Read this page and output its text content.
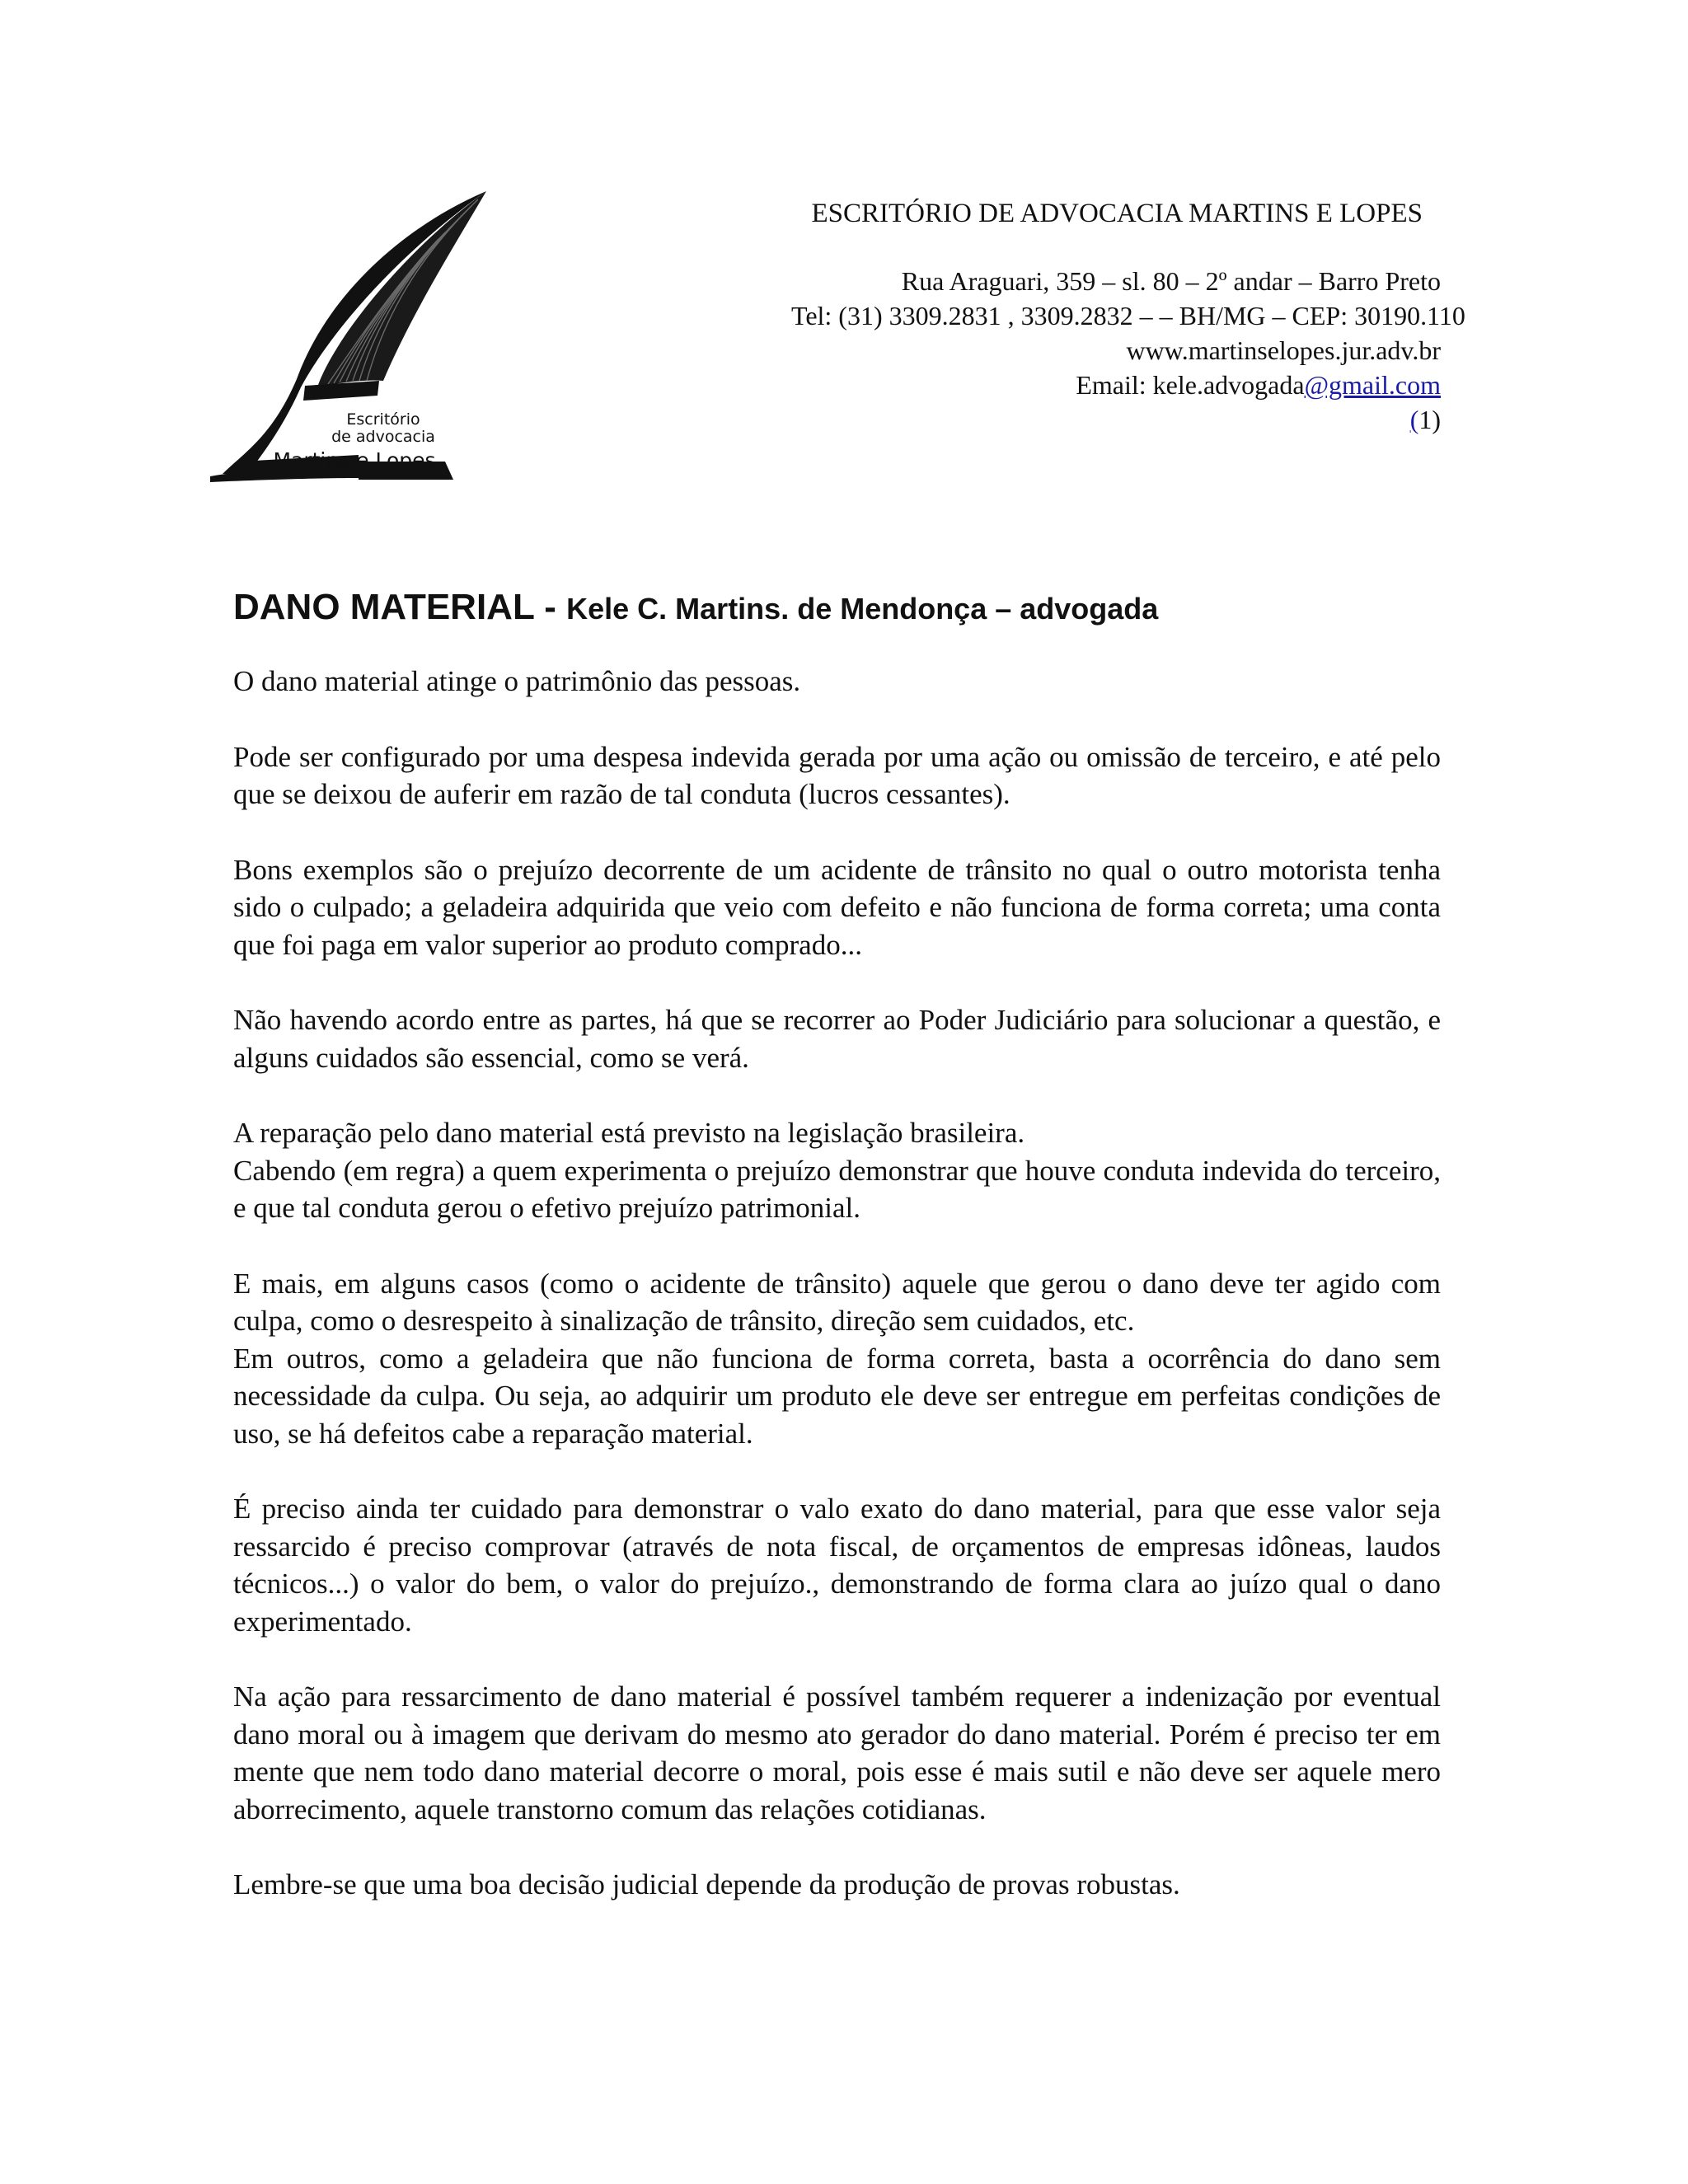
Escritório
de advocacia
Martins e Lopes
ESCRITÓRIO DE ADVOCACIA MARTINS E LOPES
Rua Araguari, 359 – sl. 80 – 2º andar – Barro Preto
Tel: (31) 3309.2831 , 3309.2832 – – BH/MG – CEP: 30190.110
www.martinselopes.jur.adv.br
Email: kele.advogada@gmail.com
(1)
DANO MATERIAL - Kele C. Martins. de Mendonça – advogada

O dano material atinge o patrimônio das pessoas.

Pode ser configurado por uma despesa indevida gerada por uma ação ou omissão de terceiro, e até pelo que se deixou de auferir em razão de tal conduta (lucros cessantes).

Bons exemplos são o prejuízo decorrente de um acidente de trânsito no qual o outro motorista tenha sido o culpado; a geladeira adquirida que veio com defeito e não funciona de forma correta; uma conta que foi paga em valor superior ao produto comprado...

Não havendo acordo entre as partes, há que se recorrer ao Poder Judiciário para solucionar a questão, e alguns cuidados são essencial, como se verá.

A reparação pelo dano material está previsto na legislação brasileira.

Cabendo (em regra) a quem experimenta o prejuízo demonstrar que houve conduta indevida do terceiro, e que tal conduta gerou o efetivo prejuízo patrimonial.

E mais, em alguns casos (como o acidente de trânsito) aquele que gerou o dano deve ter agido com culpa, como o desrespeito à sinalização de trânsito, direção sem cuidados, etc.

Em outros, como a geladeira que não funciona de forma correta, basta a ocorrência do dano sem necessidade da culpa. Ou seja, ao adquirir um produto ele deve ser entregue em perfeitas condições de uso, se há defeitos cabe a reparação material.

É preciso ainda ter cuidado para demonstrar o valo exato do dano material, para que esse valor seja ressarcido é preciso comprovar (através de nota fiscal, de orçamentos de empresas idôneas, laudos técnicos...) o valor do bem, o valor do prejuízo., demonstrando de forma clara ao juízo qual o dano experimentado.

Na ação para ressarcimento de dano material é possível também requerer a indenização por eventual dano moral ou à imagem que derivam do mesmo ato gerador do dano material. Porém é preciso ter em mente que nem todo dano material decorre o moral, pois esse é mais sutil e não deve ser aquele mero aborrecimento, aquele transtorno comum das relações cotidianas.

Lembre-se que uma boa decisão judicial depende da produção de provas robustas.
